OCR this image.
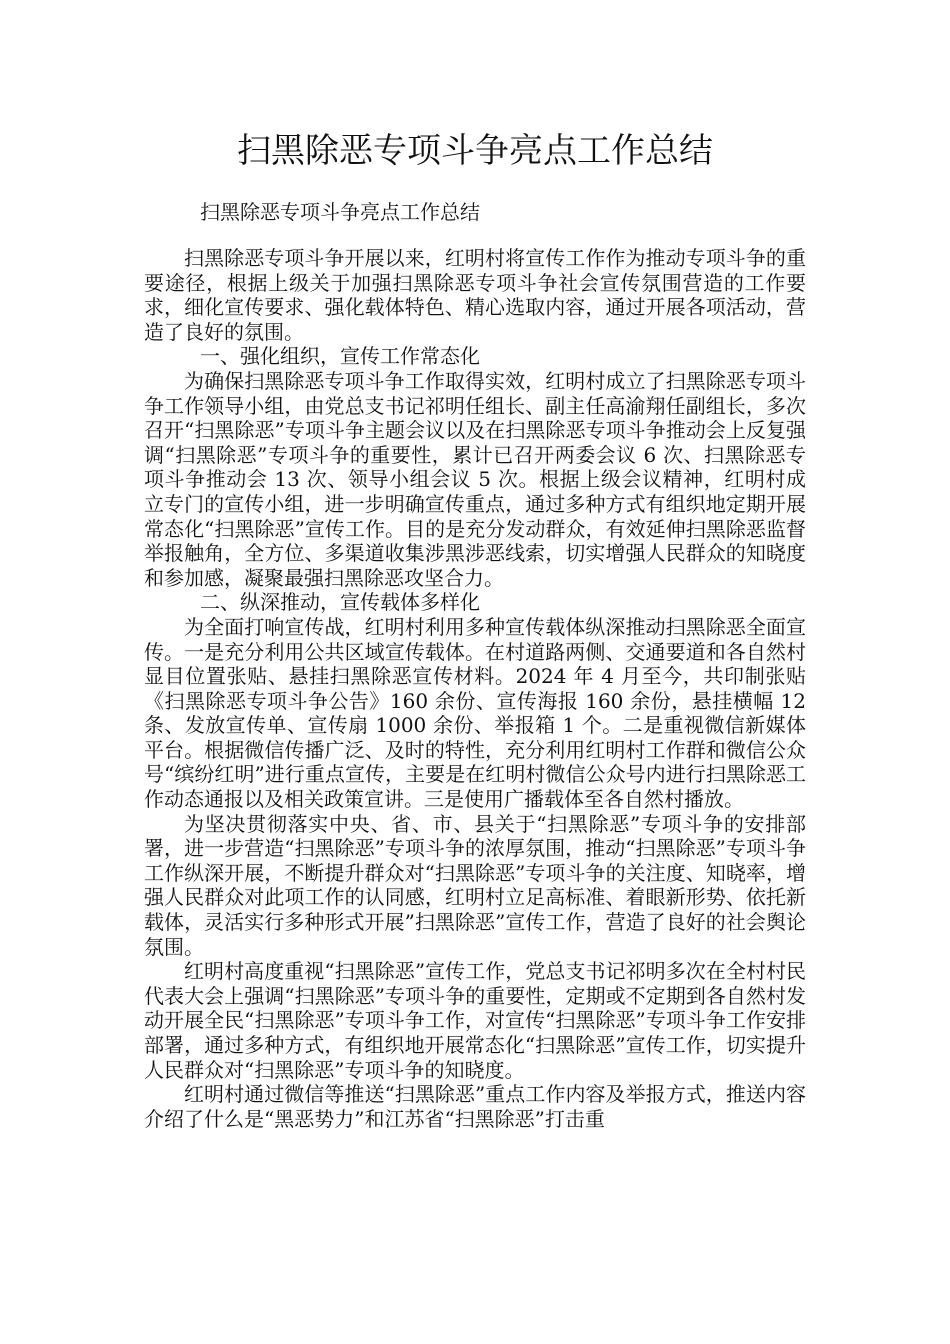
扫黑除恶专项斗争亮点工作总结

扫黑除恶专项斗争亮点工作总结

扫黑除恶专项斗争开展以来，红明村将宣传工作作为推动专项斗争的重要途径，根据上级关于加强扫黑除恶专项斗争社会宣传氛围营造的工作要求，细化宣传要求、强化载体特色、精心选取内容，通过开展各项活动，营造了良好的氛围。

一、强化组织，宣传工作常态化

为确保扫黑除恶专项斗争工作取得实效，红明村成立了扫黑除恶专项斗争工作领导小组，由党总支书记祁明任组长、副主任高渝翔任副组长，多次召开“扫黑除恶”专项斗争主题会议以及在扫黑除恶专项斗争推动会上反复强调“扫黑除恶”专项斗争的重要性，累计已召开两委会议 6 次、扫黑除恶专项斗争推动会 13 次、领导小组会议 5 次。根据上级会议精神，红明村成立专门的宣传小组，进一步明确宣传重点，通过多种方式有组织地定期开展常态化“扫黑除恶”宣传工作。目的是充分发动群众，有效延伸扫黑除恶监督举报触角，全方位、多渠道收集涉黑涉恶线索，切实增强人民群众的知晓度和参加感，凝聚最强扫黑除恶攻坚合力。

二、纵深推动，宣传载体多样化

为全面打响宣传战，红明村利用多种宣传载体纵深推动扫黑除恶全面宣传。一是充分利用公共区域宣传载体。在村道路两侧、交通要道和各自然村显目位置张贴、悬挂扫黑除恶宣传材料。2024 年 4 月至今，共印制张贴《扫黑除恶专项斗争公告》160 余份、宣传海报 160 余份，悬挂横幅 12 条、发放宣传单、宣传扇 1000 余份、举报箱 1 个。二是重视微信新媒体平台。根据微信传播广泛、及时的特性，充分利用红明村工作群和微信公众号“缤纷红明”进行重点宣传，主要是在红明村微信公众号内进行扫黑除恶工作动态通报以及相关政策宣讲。三是使用广播载体至各自然村播放。

为坚决贯彻落实中央、省、市、县关于“扫黑除恶”专项斗争的安排部署，进一步营造“扫黑除恶”专项斗争的浓厚氛围，推动“扫黑除恶”专项斗争工作纵深开展，不断提升群众对“扫黑除恶”专项斗争的关注度、知晓率，增强人民群众对此项工作的认同感，红明村立足高标准、着眼新形势、依托新载体，灵活实行多种形式开展”扫黑除恶”宣传工作，营造了良好的社会舆论氛围。

红明村高度重视“扫黑除恶”宣传工作，党总支书记祁明多次在全村村民代表大会上强调“扫黑除恶”专项斗争的重要性，定期或不定期到各自然村发动开展全民“扫黑除恶”专项斗争工作，对宣传“扫黑除恶”专项斗争工作安排部署，通过多种方式，有组织地开展常态化“扫黑除恶”宣传工作，切实提升人民群众对“扫黑除恶”专项斗争的知晓度。

红明村通过微信等推送“扫黑除恶”重点工作内容及举报方式，推送内容介绍了什么是“黑恶势力”和江苏省“扫黑除恶”打击重
